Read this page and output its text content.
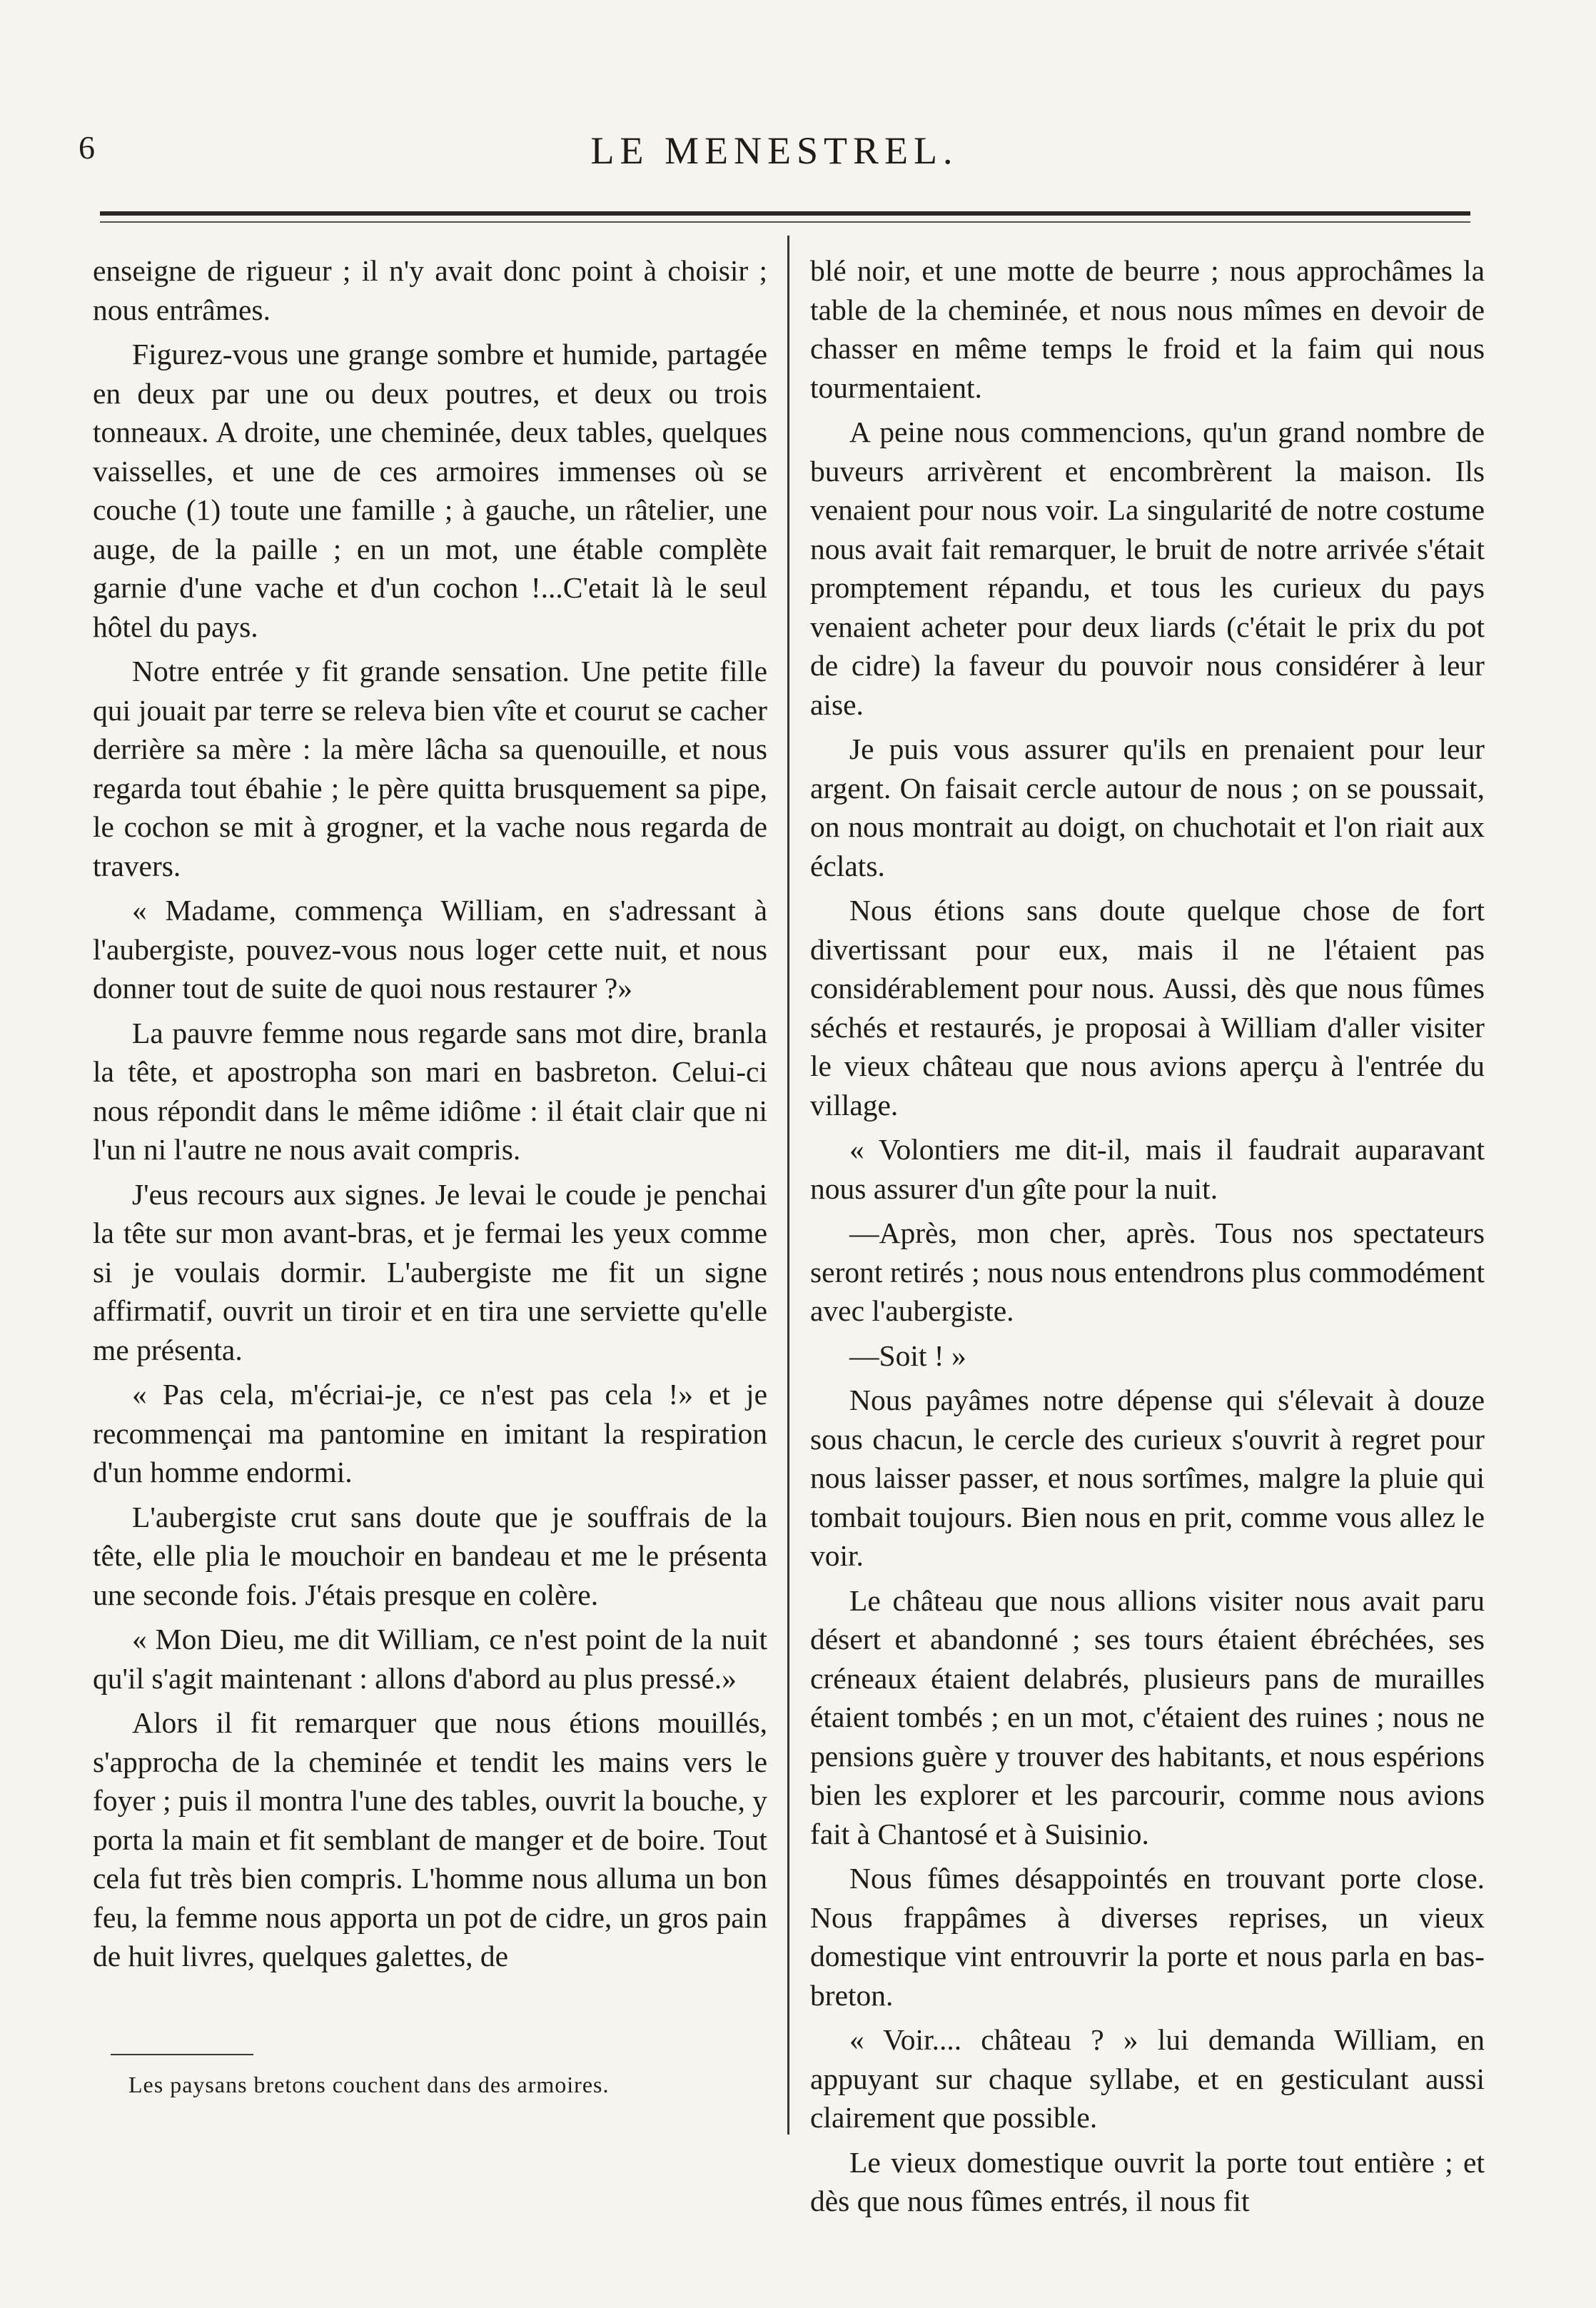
6	LE MENESTREL.

enseigne de rigueur ; il n'y avait donc point à choisir ; nous entrâmes.

Figurez-vous une grange sombre et humide, partagée en deux par une ou deux poutres, et deux ou trois tonneaux. A droite, une cheminée, deux tables, quelques vaisselles, et une de ces armoires immenses où se couche (1) toute une famille ; à gauche, un râtelier, une auge, de la paille ; en un mot, une étable complète garnie d'une vache et d'un cochon !...C'etait là le seul hôtel du pays.

Notre entrée y fit grande sensation. Une petite fille qui jouait par terre se releva bien vîte et courut se cacher derrière sa mère : la mère lâcha sa quenouille, et nous regarda tout ébahie ; le père quitta brusquement sa pipe, le cochon se mit à grogner, et la vache nous regarda de travers.

« Madame, commença William, en s'adressant à l'aubergiste, pouvez-vous nous loger cette nuit, et nous donner tout de suite de quoi nous restaurer ?»

La pauvre femme nous regarde sans mot dire, branla la tête, et apostropha son mari en basbreton. Celui-ci nous répondit dans le même idiôme : il était clair que ni l'un ni l'autre ne nous avait compris.

J'eus recours aux signes. Je levai le coude je penchai la tête sur mon avant-bras, et je fermai les yeux comme si je voulais dormir. L'aubergiste me fit un signe affirmatif, ouvrit un tiroir et en tira une serviette qu'elle me présenta.

« Pas cela, m'écriai-je, ce n'est pas cela !» et je recommençai ma pantomine en imitant la respiration d'un homme endormi.

L'aubergiste crut sans doute que je souffrais de la tête, elle plia le mouchoir en bandeau et me le présenta une seconde fois. J'étais presque en colère.

« Mon Dieu, me dit William, ce n'est point de la nuit qu'il s'agit maintenant : allons d'abord au plus pressé.»

Alors il fit remarquer que nous étions mouillés, s'approcha de la cheminée et tendit les mains vers le foyer ; puis il montra l'une des tables, ouvrit la bouche, y porta la main et fit semblant de manger et de boire. Tout cela fut très bien compris. L'homme nous alluma un bon feu, la femme nous apporta un pot de cidre, un gros pain de huit livres, quelques galettes, de

blé noir, et une motte de beurre ; nous approchâmes la table de la cheminée, et nous nous mîmes en devoir de chasser en même temps le froid et la faim qui nous tourmentaient.

A peine nous commencions, qu'un grand nombre de buveurs arrivèrent et encombrèrent la maison. Ils venaient pour nous voir. La singularité de notre costume nous avait fait remarquer, le bruit de notre arrivée s'était promptement répandu, et tous les curieux du pays venaient acheter pour deux liards (c'était le prix du pot de cidre) la faveur du pouvoir nous considérer à leur aise.

Je puis vous assurer qu'ils en prenaient pour leur argent. On faisait cercle autour de nous ; on se poussait, on nous montrait au doigt, on chuchotait et l'on riait aux éclats.

Nous étions sans doute quelque chose de fort divertissant pour eux, mais il ne l'étaient pas considérablement pour nous. Aussi, dès que nous fûmes séchés et restaurés, je proposai à William d'aller visiter le vieux château que nous avions aperçu à l'entrée du village.

« Volontiers me dit-il, mais il faudrait auparavant nous assurer d'un gîte pour la nuit.

—Après, mon cher, après. Tous nos spectateurs seront retirés ; nous nous entendrons plus commodément avec l'aubergiste.

—Soit ! »

Nous payâmes notre dépense qui s'élevait à douze sous chacun, le cercle des curieux s'ouvrit à regret pour nous laisser passer, et nous sortîmes, malgre la pluie qui tombait toujours. Bien nous en prit, comme vous allez le voir.

Le château que nous allions visiter nous avait paru désert et abandonné ; ses tours étaient ébréchées, ses créneaux étaient delabrés, plusieurs pans de murailles étaient tombés ; en un mot, c'étaient des ruines ; nous ne pensions guère y trouver des habitants, et nous espérions bien les explorer et les parcourir, comme nous avions fait à Chantosé et à Suisinio.

Nous fûmes désappointés en trouvant porte close. Nous frappâmes à diverses reprises, un vieux domestique vint entrouvrir la porte et nous parla en bas-breton.

« Voir.... château ? » lui demanda William, en appuyant sur chaque syllabe, et en gesticulant aussi clairement que possible.

Le vieux domestique ouvrit la porte tout entière ; et dès que nous fûmes entrés, il nous fit

Les paysans bretons couchent dans des armoires.
